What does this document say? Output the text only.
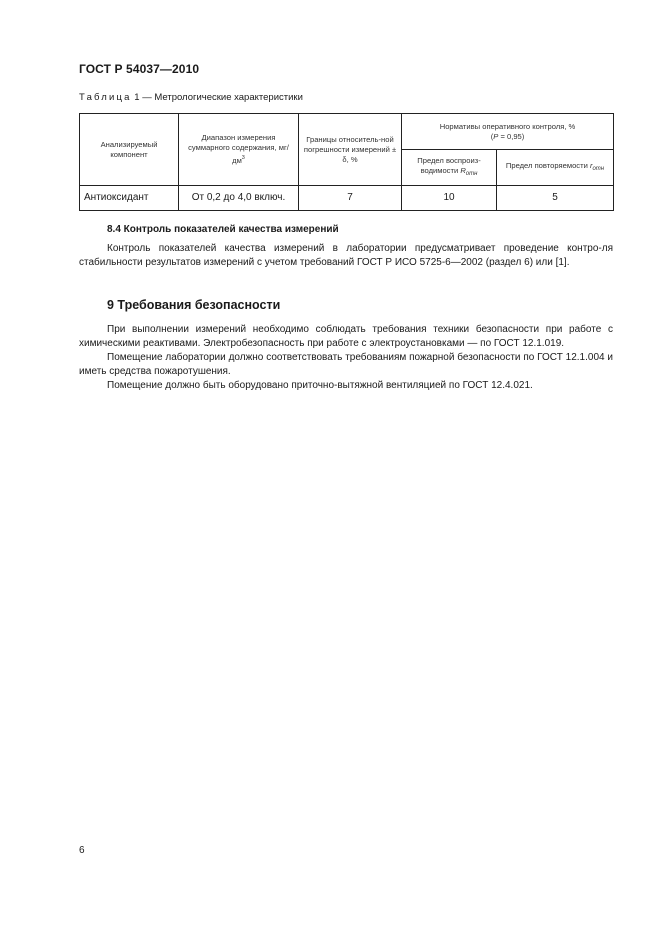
ГОСТ Р 54037—2010
Таблица 1 — Метрологические характеристики
Анализируемый компонент	Диапазон измерения суммарного содержания, $мг/дм^3$	Границы относитель-ной погрешности измерений ± δ, %	Нормативы оперативного контроля, %
(P = 0,95)	
			Предел воспроиз-водимости $R_{отн}$	Предел повторяемости $r_{отн}$
Антиоксидант	От 0,2 до 4,0 включ.	7	10	5
8.4 Контроль показателей качества измерений
Контроль показателей качества измерений в лаборатории предусматривает проведение контро-ля стабильности результатов измерений с учетом требований ГОСТ Р ИСО 5725-6—2002 (раздел 6) или [1].
9 Требования безопасности
При выполнении измерений необходимо соблюдать требования техники безопасности при работе с химическими реактивами. Электробезопасность при работе с электроустановками — по ГОСТ 12.1.019.
Помещение лаборатории должно соответствовать требованиям пожарной безопасности по ГОСТ 12.1.004 и иметь средства пожаротушения.
Помещение должно быть оборудовано приточно-вытяжной вентиляцией по ГОСТ 12.4.021.
6
